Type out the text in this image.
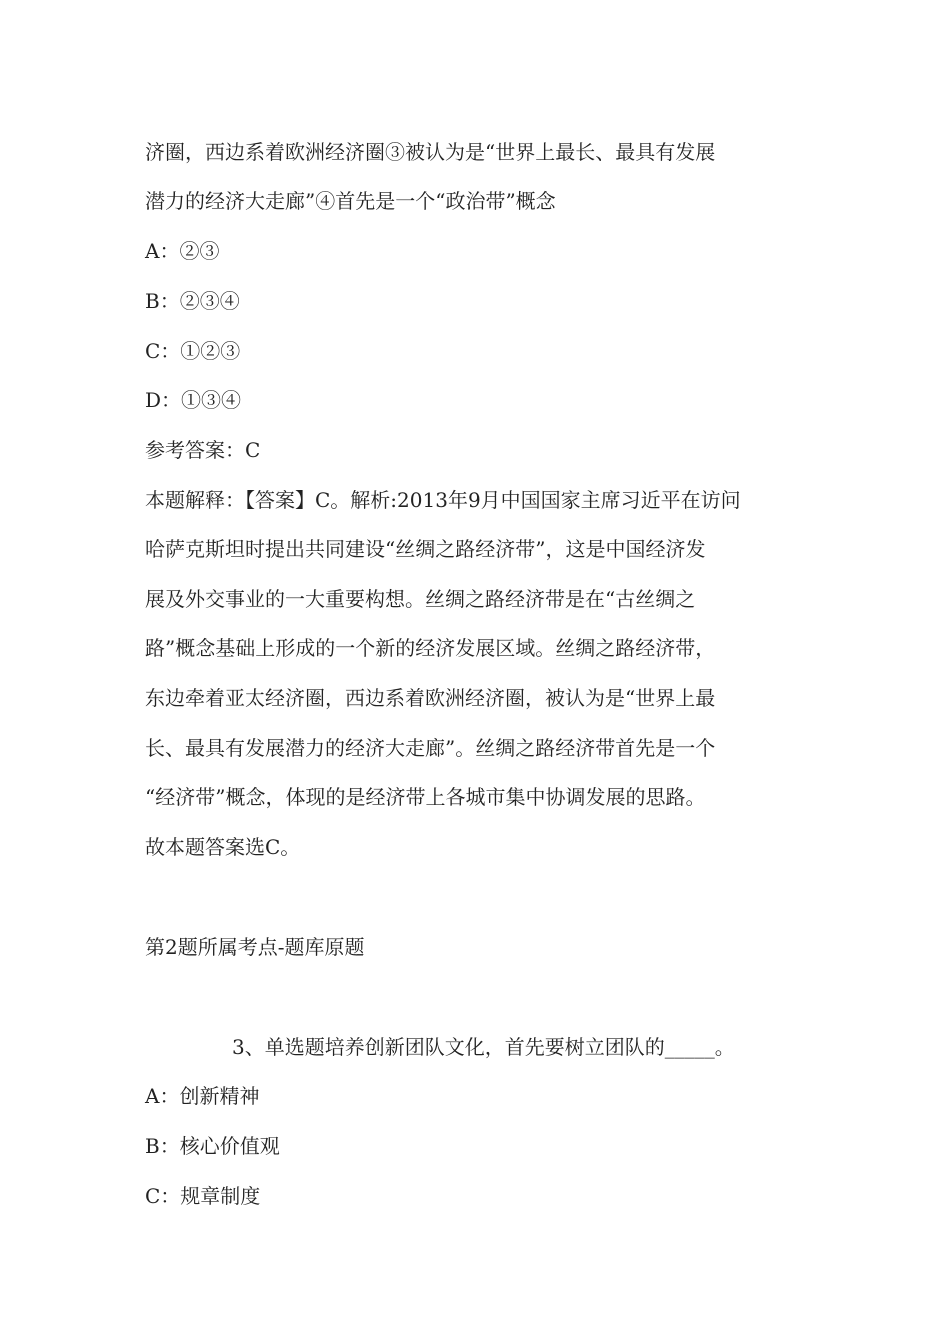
济圈，西边系着欧洲经济圈③被认为是“世界上最长、最具有发展
潜力的经济大走廊”④首先是一个“政治带”概念
A：②③
B：②③④
C：①②③
D：①③④
参考答案：C
本题解释：【答案】C。解析:2013年9月中国国家主席习近平在访问
哈萨克斯坦时提出共同建设“丝绸之路经济带”，这是中国经济发
展及外交事业的一大重要构想。丝绸之路经济带是在“古丝绸之
路”概念基础上形成的一个新的经济发展区域。丝绸之路经济带，
东边牵着亚太经济圈，西边系着欧洲经济圈，被认为是“世界上最
长、最具有发展潜力的经济大走廊”。丝绸之路经济带首先是一个
“经济带”概念，体现的是经济带上各城市集中协调发展的思路。
故本题答案选C。
第2题所属考点-题库原题
3、单选题培养创新团队文化，首先要树立团队的_____。
A：创新精神
B：核心价值观
C：规章制度
